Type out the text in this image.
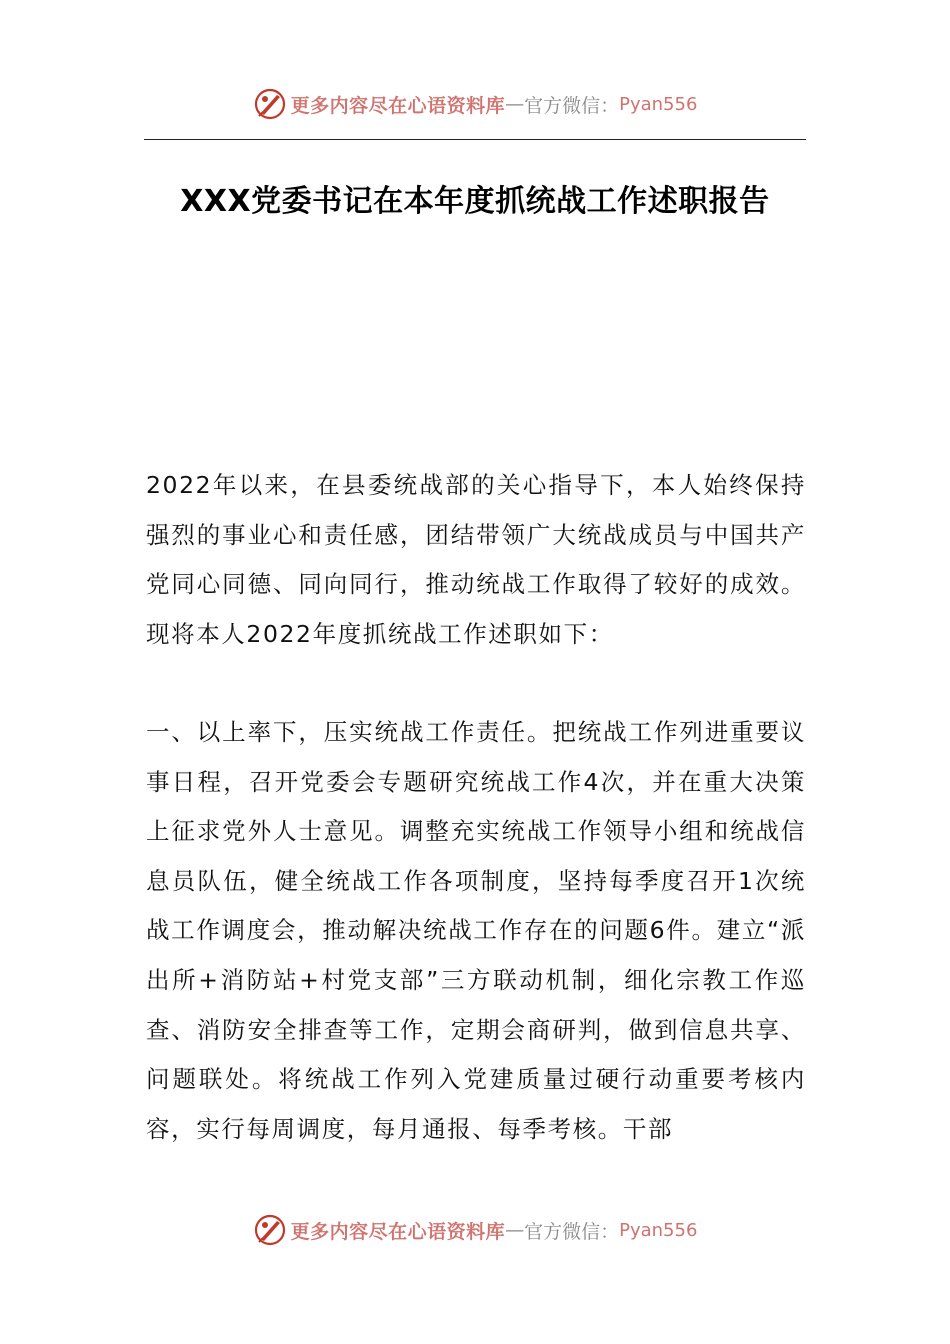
更多内容尽在心语资料库 — 官方微信： Pyan556
XXX党委书记在本年度抓统战工作述职报告

2022年以来，在县委统战部的关心指导下，本人始终保持强烈的事业心和责任感，团结带领广大统战成员与中国共产党同心同德、同向同行，推动统战工作取得了较好的成效。现将本人2022年度抓统战工作述职如下：

一、以上率下，压实统战工作责任。把统战工作列进重要议事日程，召开党委会专题研究统战工作4次，并在重大决策上征求党外人士意见。调整充实统战工作领导小组和统战信息员队伍，健全统战工作各项制度，坚持每季度召开1次统战工作调度会，推动解决统战工作存在的问题6件。建立“派出所+消防站+村党支部”三方联动机制，细化宗教工作巡查、消防安全排查等工作，定期会商研判，做到信息共享、问题联处。将统战工作列入党建质量过硬行动重要考核内容，实行每周调度，每月通报、每季考核。干部

更多内容尽在心语资料库 — 官方微信： Pyan556
